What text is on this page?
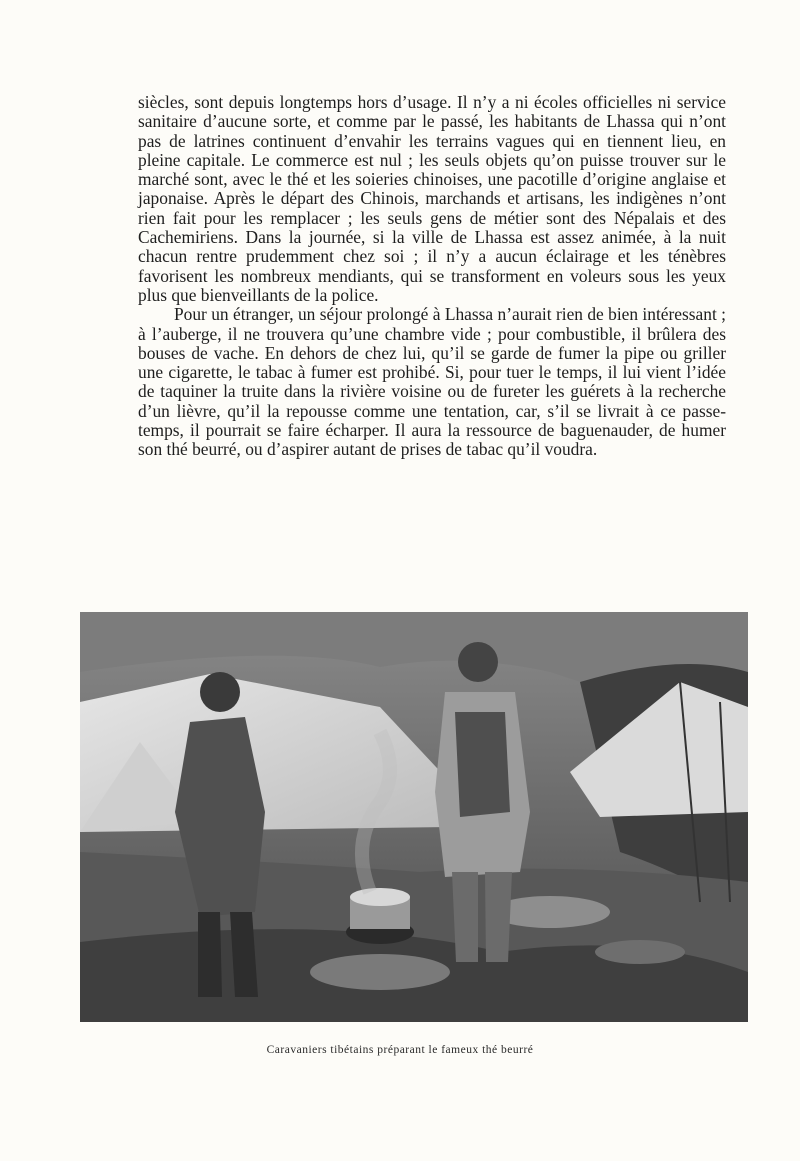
siècles, sont depuis longtemps hors d’usage. Il n’y a ni écoles officielles ni service sanitaire d’aucune sorte, et comme par le passé, les habitants de Lhassa qui n’ont pas de latrines continuent d’envahir les terrains vagues qui en tiennent lieu, en pleine capitale. Le commerce est nul ; les seuls objets qu’on puisse trouver sur le marché sont, avec le thé et les soieries chinoises, une pacotille d’origine anglaise et japonaise. Après le départ des Chinois, marchands et artisans, les indigènes n’ont rien fait pour les remplacer ; les seuls gens de métier sont des Népalais et des Cachemiriens. Dans la journée, si la ville de Lhassa est assez animée, à la nuit chacun rentre prudemment chez soi ; il n’y a aucun éclairage et les ténèbres favorisent les nombreux mendiants, qui se transforment en voleurs sous les yeux plus que bienveillants de la police.

Pour un étranger, un séjour prolongé à Lhassa n’aurait rien de bien intéressant ; à l’auberge, il ne trouvera qu’une chambre vide ; pour combustible, il brûlera des bouses de vache. En dehors de chez lui, qu’il se garde de fumer la pipe ou griller une cigarette, le tabac à fumer est prohibé. Si, pour tuer le temps, il lui vient l’idée de taquiner la truite dans la rivière voisine ou de fureter les guérets à la recherche d’un lièvre, qu’il la repousse comme une tentation, car, s’il se livrait à ce passe-temps, il pourrait se faire écharper. Il aura la ressource de baguenauder, de humer son thé beurré, ou d’aspirer autant de prises de tabac qu’il voudra.

Caravaniers tibétains préparant le fameux thé beurré
